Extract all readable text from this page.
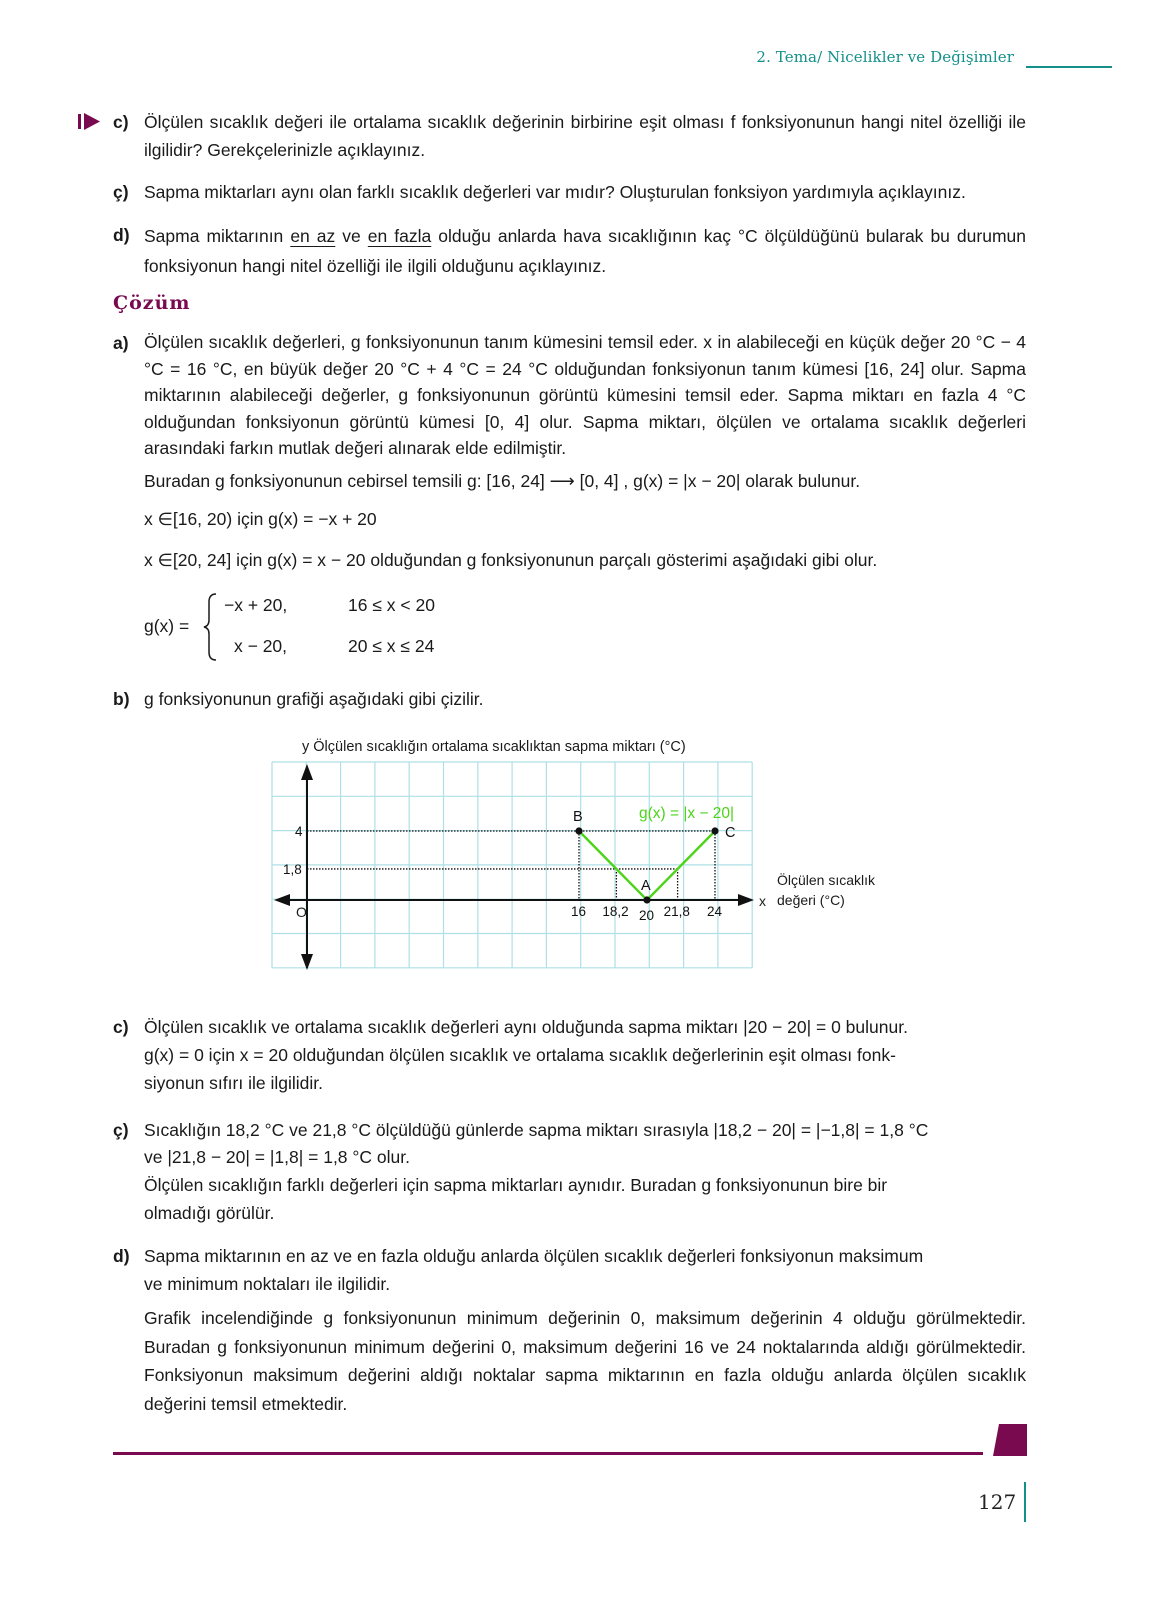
2. Tema/ Nicelikler ve Değişimler
c) Ölçülen sıcaklık değeri ile ortalama sıcaklık değerinin birbirine eşit olması f fonksiyonunun hangi nitel özelliği ile ilgilidir? Gerekçelerinizle açıklayınız.
ç) Sapma miktarları aynı olan farklı sıcaklık değerleri var mıdır? Oluşturulan fonksiyon yardımıyla açıklayınız.
d) Sapma miktarının en az ve en fazla olduğu anlarda hava sıcaklığının kaç °C ölçüldüğünü bularak bu durumun fonksiyonun hangi nitel özelliği ile ilgili olduğunu açıklayınız.
Çözüm
a) Ölçülen sıcaklık değerleri, g fonksiyonunun tanım kümesini temsil eder. x in alabileceği en küçük değer 20 °C − 4 °C = 16 °C, en büyük değer 20 °C + 4 °C = 24 °C olduğundan fonksiyonun tanım kümesi [16, 24] olur. Sapma miktarının alabileceği değerler, g fonksiyonunun görüntü kümesini temsil eder. Sapma miktarı en fazla 4 °C olduğundan fonksiyonun görüntü kümesi [0, 4] olur. Sapma miktarı, ölçülen ve ortalama sıcaklık değerleri arasındaki farkın mutlak değeri alınarak elde edilmiştir.
Buradan g fonksiyonunun cebirsel temsili g: [16, 24] ⟶ [0, 4] , g(x) = |x − 20| olarak bulunur.
x ∈[16, 20) için g(x) = −x + 20
x ∈[20, 24] için g(x) = x − 20 olduğundan g fonksiyonunun parçalı gösterimi aşağıdaki gibi olur.
g(x) =
−x + 20,	16 ≤ x < 20
x − 20,	20 ≤ x ≤ 24
b) g fonksiyonunun grafiği aşağıdaki gibi çizilir.
y Ölçülen sıcaklığın ortalama sıcaklıktan sapma miktarı (°C)
B
A
C
16 18,2 20 21,8 24
4
1,8
O
x
Ölçülen sıcaklık
değeri (°C)
g(x) = |x − 20|
c) Ölçülen sıcaklık ve ortalama sıcaklık değerleri aynı olduğunda sapma miktarı |20 − 20| = 0 bulunur.
g(x) = 0 için x = 20 olduğundan ölçülen sıcaklık ve ortalama sıcaklık değerlerinin eşit olması fonk-
siyonun sıfırı ile ilgilidir.
ç) Sıcaklığın 18,2 °C ve 21,8 °C ölçüldüğü günlerde sapma miktarı sırasıyla |18,2 − 20| = |−1,8| = 1,8 °C
ve |21,8 − 20| = |1,8| = 1,8 °C olur.
Ölçülen sıcaklığın farklı değerleri için sapma miktarları aynıdır. Buradan g fonksiyonunun bire bir
olmadığı görülür.
d) Sapma miktarının en az ve en fazla olduğu anlarda ölçülen sıcaklık değerleri fonksiyonun maksimum
ve minimum noktaları ile ilgilidir.
Grafik incelendiğinde g fonksiyonunun minimum değerinin 0, maksimum değerinin 4 olduğu görülmektedir. Buradan g fonksiyonunun minimum değerini 0, maksimum değerini 16 ve 24 noktalarında aldığı görülmektedir. Fonksiyonun maksimum değerini aldığı noktalar sapma miktarının en fazla olduğu anlarda ölçülen sıcaklık değerini temsil etmektedir.
127
